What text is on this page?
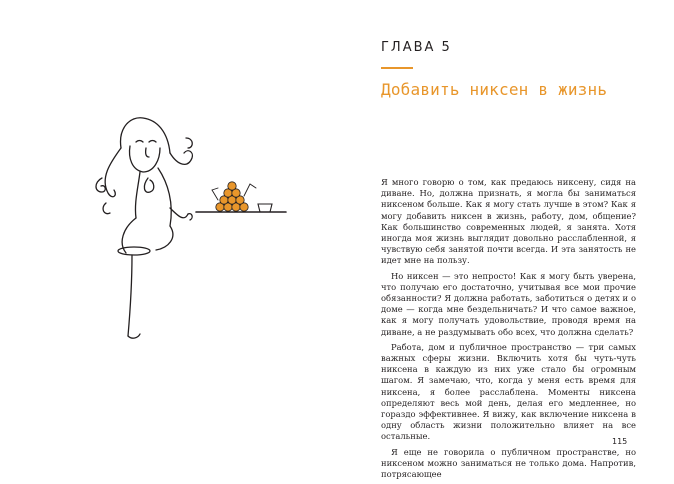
ГЛАВА 5
Добавить никсен в жизнь

Я много говорю о том, как предаюсь никсену, сидя на диване. Но, должна признать, я могла бы заниматься никсеном больше. Как я могу стать лучше в этом? Как я могу добавить никсен в жизнь, работу, дом, общение? Как большинство современных людей, я занята. Хотя иногда моя жизнь выглядит довольно расслабленной, я чувствую себя занятой почти всегда. И эта занятость не идет мне на пользу.

Но никсен — это непросто! Как я могу быть уверена, что получаю его достаточно, учитывая все мои прочие обязанности? Я должна работать, заботиться о детях и о доме — когда мне бездельничать? И что самое важное, как я могу получать удовольствие, проводя время на диване, а не раздумывать обо всех, что должна сделать?

Работа, дом и публичное пространство — три самых важных сферы жизни. Включить хотя бы чуть-чуть никсена в каждую из них уже стало бы огромным шагом. Я замечаю, что, когда у меня есть время для никсена, я более расслаблена. Моменты никсена определяют весь мой день, делая его медленнее, но гораздо эффективнее. Я вижу, как включение никсена в одну область жизни положительно влияет на все остальные.

Я еще не говорила о публичном пространстве, но никсеном можно заниматься не только дома. Напротив, потрясающее

115
